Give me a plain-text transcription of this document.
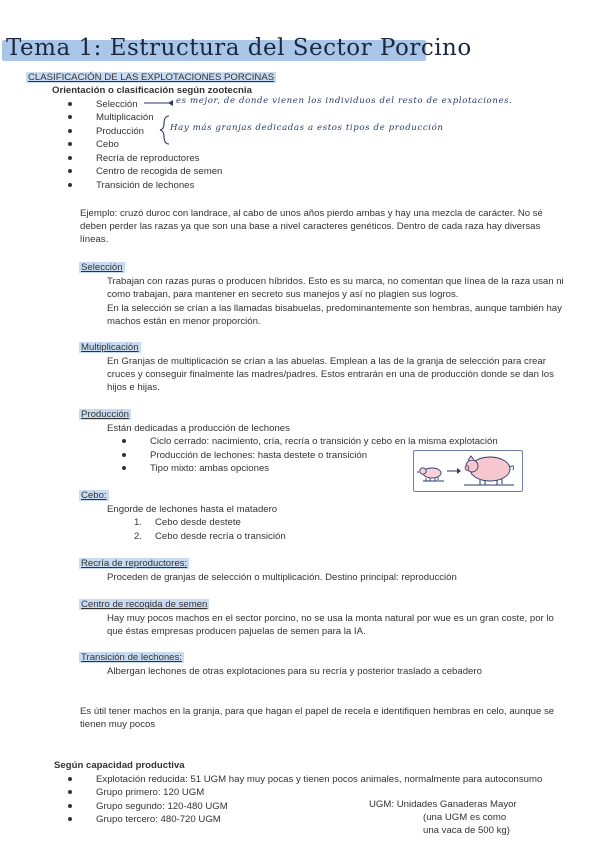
Tema 1: Estructura del Sector Porcino
CLASIFICACIÓN DE LAS EXPLOTACIONES PORCINAS
Orientación o clasificación según zootecnia
Selección
Multiplicación
Producción
Cebo
Recría de reproductores
Centro de recogida de semen
Transición de lechones
es mejor, de donde vienen los individuos del resto de explotaciones.
Hay más granjas dedicadas a estos tipos de producción
Ejemplo: cruzó duroc con landrace, al cabo de unos años pierdo ambas y hay una mezcla de carácter. No sé deben perder las razas ya que son una base a nivel caracteres genéticos. Dentro de cada raza hay diversas líneas.
Selección
Trabajan con razas puras o producen híbridos. Esto es su marca, no comentan que línea de la raza usan ni como trabajan, para mantener en secreto sus manejos y así no plagien sus logros.
En la selección se crían a las llamadas bisabuelas, predominantemente son hembras, aunque también hay machos están en menor proporción.
Multiplicación
En Granjas de multiplicación se crían a las abuelas. Emplean a las de la granja de selección para crear cruces y conseguir finalmente las madres/padres. Estos entrarán en una de producción donde se dan los hijos e hijas.
Producción
Están dedicadas a producción de lechones
Ciclo cerrado: nacimiento, cría, recría o transición y cebo en la misma explotación
Producción de lechones: hasta destete o transición
Tipo mixto: ambas opciones
Cebo:
Engorde de lechones hasta el matadero
1. Cebo desde destete
2. Cebo desde recría o transición
Recría de reproductores:
Proceden de granjas de selección o multiplicación. Destino principal: reproducción
Centro de recogida de semen
Hay muy pocos machos en el sector porcino, no se usa la monta natural por wue es un gran coste, por lo que éstas empresas producen pajuelas de semen para la IA.
Transición de lechones:
Albergan lechones de otras explotaciones para su recría y posterior traslado a cebadero
Es útil tener machos en la granja, para que hagan el papel de recela e identifiquen hembras en celo, aunque se tienen muy pocos
Según capacidad productiva
Explotación reducida: 51 UGM hay muy pocas y tienen pocos animales, normalmente para autoconsumo
Grupo primero: 120 UGM
Grupo segundo: 120-480 UGM
Grupo tercero: 480-720 UGM
UGM: Unidades Ganaderas Mayor
(una UGM es como
una vaca de 500 kg)
